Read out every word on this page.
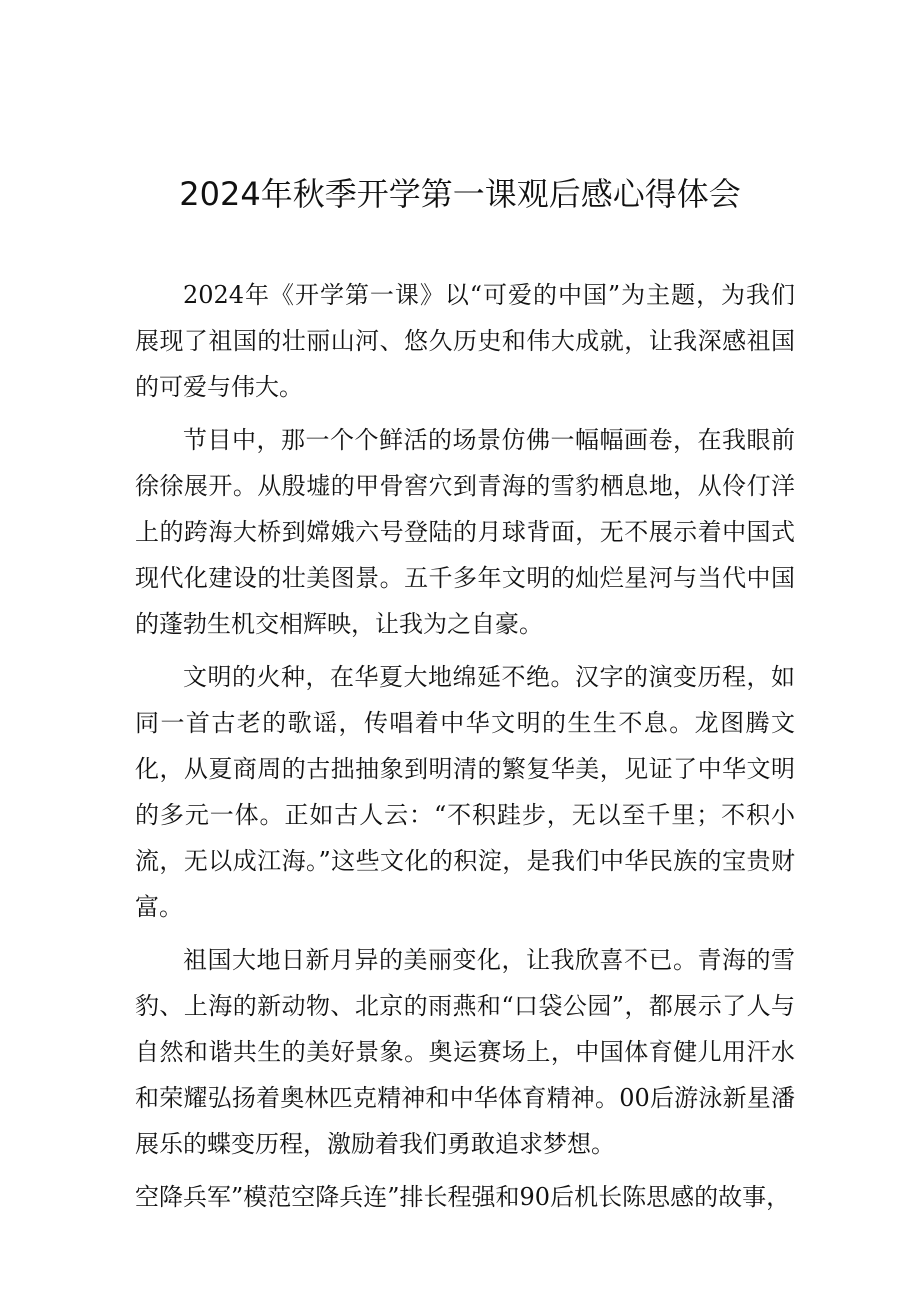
2024年秋季开学第一课观后感心得体会

2024年《开学第一课》以“可爱的中国”为主题，为我们展现了祖国的壮丽山河、悠久历史和伟大成就，让我深感祖国的可爱与伟大。

节目中，那一个个鲜活的场景仿佛一幅幅画卷，在我眼前徐徐展开。从殷墟的甲骨窖穴到青海的雪豹栖息地，从伶仃洋上的跨海大桥到嫦娥六号登陆的月球背面，无不展示着中国式现代化建设的壮美图景。五千多年文明的灿烂星河与当代中国的蓬勃生机交相辉映，让我为之自豪。

文明的火种，在华夏大地绵延不绝。汉字的演变历程，如同一首古老的歌谣，传唱着中华文明的生生不息。龙图腾文化，从夏商周的古拙抽象到明清的繁复华美，见证了中华文明的多元一体。正如古人云：“不积跬步，无以至千里；不积小流，无以成江海。”这些文化的积淀，是我们中华民族的宝贵财富。

祖国大地日新月异的美丽变化，让我欣喜不已。青海的雪豹、上海的新动物、北京的雨燕和“口袋公园”，都展示了人与自然和谐共生的美好景象。奥运赛场上，中国体育健儿用汗水和荣耀弘扬着奥林匹克精神和中华体育精神。00后游泳新星潘展乐的蝶变历程，激励着我们勇敢追求梦想。

空降兵军”模范空降兵连”排长程强和90后机长陈思感的故事，
